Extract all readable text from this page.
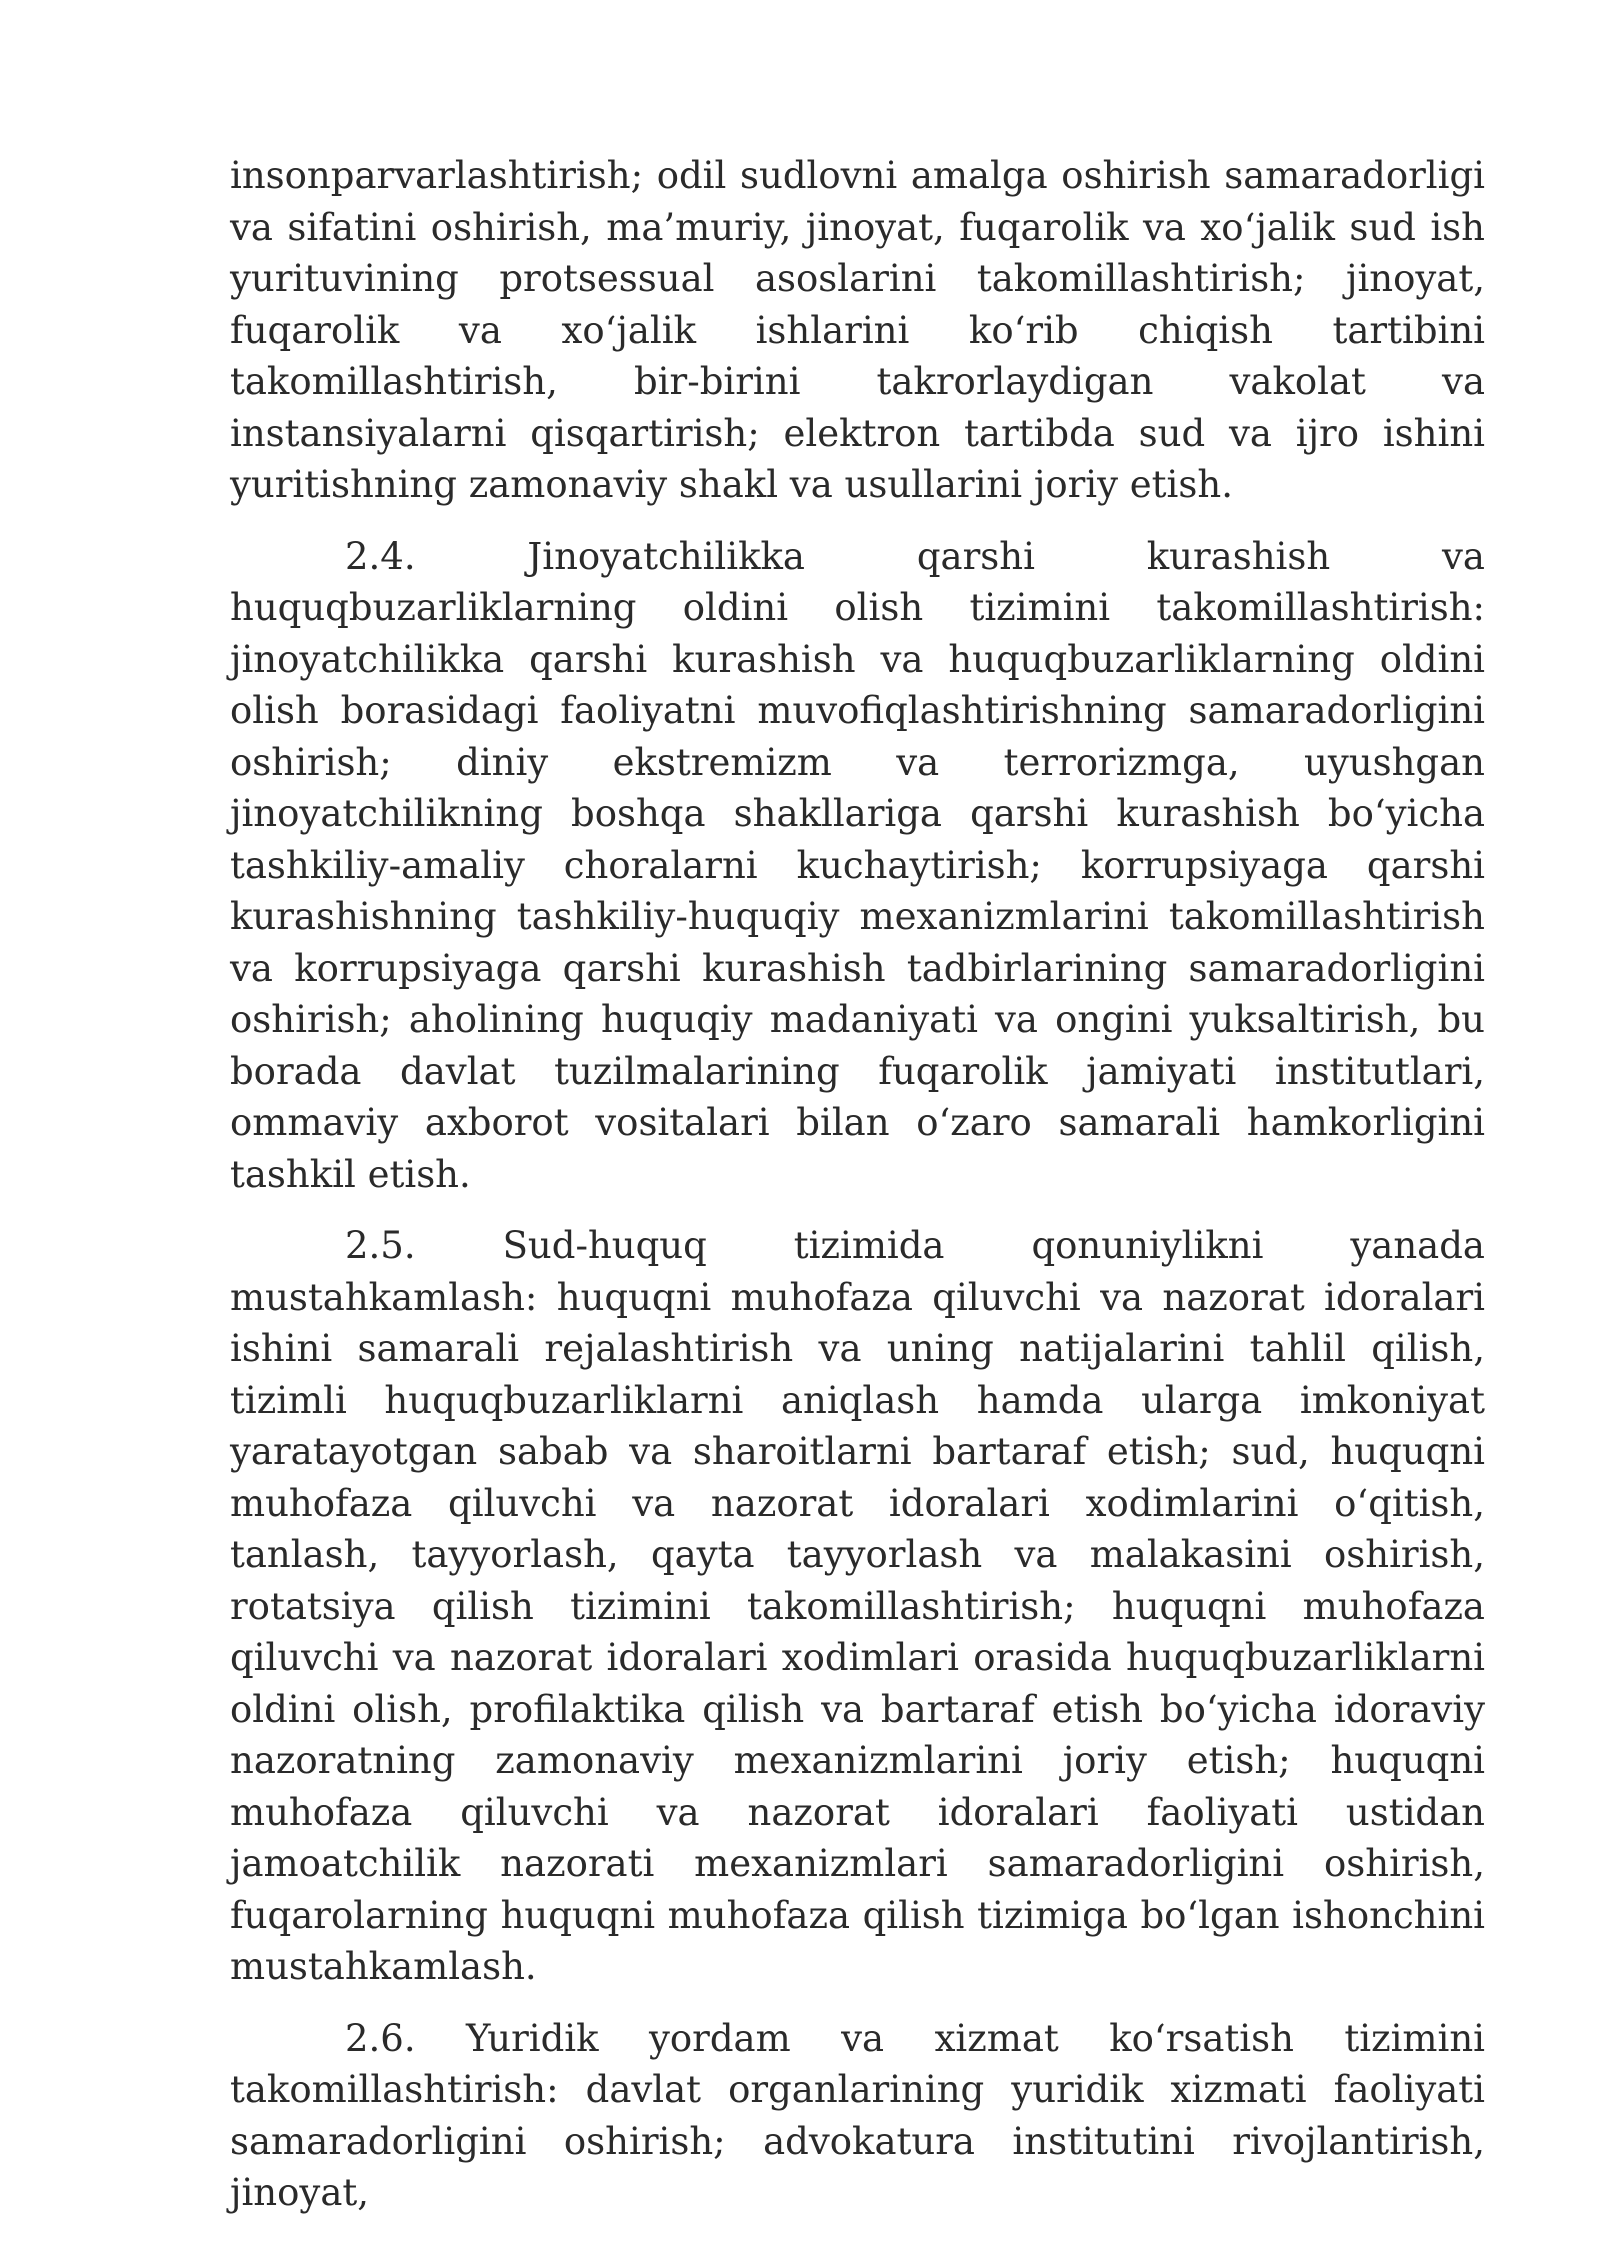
insonparvarlashtirish; odil sudlovni amalga oshirish samaradorligi va sifatini oshirish, ma’muriy, jinoyat, fuqarolik va xo‘jalik sud ish yurituvining protsessual asoslarini takomillashtirish; jinoyat, fuqarolik va xo‘jalik ishlarini ko‘rib chiqish tartibini takomillashtirish, bir-birini takrorlaydigan vakolat va instansiyalarni qisqartirish; elektron tartibda sud va ijro ishini yuritishning zamonaviy shakl va usullarini joriy etish.

2.4. Jinoyatchilikka qarshi kurashish va huquqbuzarliklarning oldini olish tizimini takomillashtirish: jinoyatchilikka qarshi kurashish va huquqbuzarliklarning oldini olish borasidagi faoliyatni muvofiqlashtirishning samaradorligini oshirish; diniy ekstremizm va terrorizmga, uyushgan jinoyatchilikning boshqa shakllariga qarshi kurashish bo‘yicha tashkiliy-amaliy choralarni kuchaytirish; korrupsiyaga qarshi kurashishning tashkiliy-huquqiy mexanizmlarini takomillashtirish va korrupsiyaga qarshi kurashish tadbirlarining samaradorligini oshirish; aholining huquqiy madaniyati va ongini yuksaltirish, bu borada davlat tuzilmalarining fuqarolik jamiyati institutlari, ommaviy axborot vositalari bilan o‘zaro samarali hamkorligini tashkil etish.

2.5. Sud-huquq tizimida qonuniylikni yanada mustahkamlash: huquqni muhofaza qiluvchi va nazorat idoralari ishini samarali rejalashtirish va uning natijalarini tahlil qilish, tizimli huquqbuzarliklarni aniqlash hamda ularga imkoniyat yaratayotgan sabab va sharoitlarni bartaraf etish; sud, huquqni muhofaza qiluvchi va nazorat idoralari xodimlarini o‘qitish, tanlash, tayyorlash, qayta tayyorlash va malakasini oshirish, rotatsiya qilish tizimini takomillashtirish; huquqni muhofaza qiluvchi va nazorat idoralari xodimlari orasida huquqbuzarliklarni oldini olish, profilaktika qilish va bartaraf etish bo‘yicha idoraviy nazoratning zamonaviy mexanizmlarini joriy etish; huquqni muhofaza qiluvchi va nazorat idoralari faoliyati ustidan jamoatchilik nazorati mexanizmlari samaradorligini oshirish, fuqarolarning huquqni muhofaza qilish tizimiga bo‘lgan ishonchini mustahkamlash.

2.6. Yuridik yordam va xizmat ko‘rsatish tizimini takomillashtirish: davlat organlarining yuridik xizmati faoliyati samaradorligini oshirish; advokatura institutini rivojlantirish, jinoyat,
